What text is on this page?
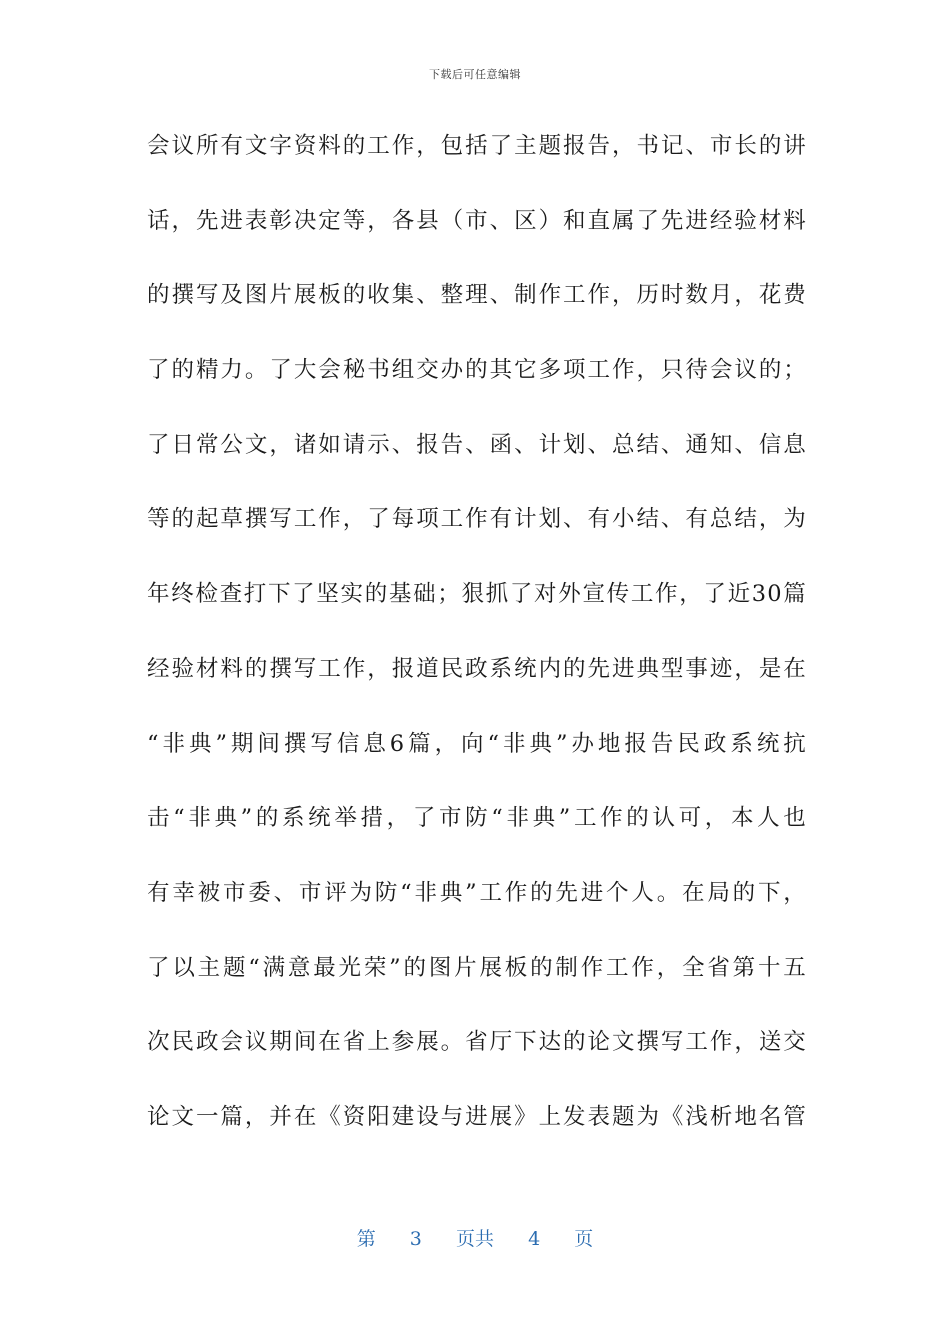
下载后可任意编辑
会议所有文字资料的工作，包括了主题报告，书记、市长的讲
话，先进表彰决定等，各县（市、区）和直属了先进经验材料
的撰写及图片展板的收集、整理、制作工作，历时数月，花费
了的精力。了大会秘书组交办的其它多项工作，只待会议的；
了日常公文，诸如请示、报告、函、计划、总结、通知、信息
等的起草撰写工作，了每项工作有计划、有小结、有总结，为
年终检查打下了坚实的基础；狠抓了对外宣传工作，了近30篇
经验材料的撰写工作，报道民政系统内的先进典型事迹，是在
“非典”期间撰写信息6篇，向“非典”办地报告民政系统抗
击“非典”的系统举措，了市防“非典”工作的认可，本人也
有幸被市委、市评为防“非典”工作的先进个人。在局的下，
了以主题“满意最光荣”的图片展板的制作工作，全省第十五
次民政会议期间在省上参展。省厅下达的论文撰写工作，送交
论文一篇，并在《资阳建设与进展》上发表题为《浅析地名管
第 3 页共 4 页
